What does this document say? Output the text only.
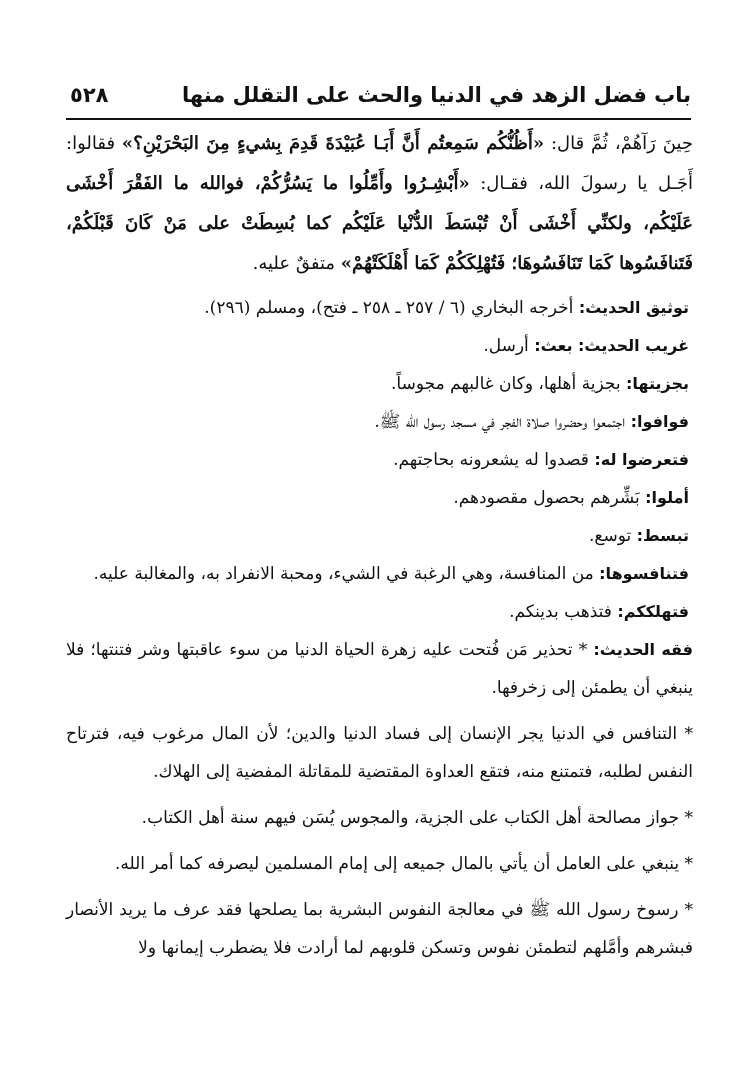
باب فضل الزهد في الدنيا والحث على التقلل منها
٥٢٨

حِينَ رَآهُمْ، ثُمَّ قال: «أَظُنُّكُم سَمِعتُم أَنَّ أَبَـا عُبَيْدَةَ قَدِمَ بِشيءٍ مِنَ البَحْرَيْنِ؟» فقالوا: أَجَـل يا رسولَ الله، فقـال: «أَبْشِـرُوا وأَمِّلُوا ما يَسُرُّكُمْ، فوالله ما الفَقْرَ أَخْشَى عَلَيْكُم، ولكنِّي أَخْشَى أَنْ تُبْسَطَ الدُّنْيا عَلَيْكُم كما بُسِطَتْ على مَنْ كَانَ قَبْلَكُمْ، فَتَنافَسُوها كَمَا تَنَافَسُوهَا؛ فَتُهْلِكَكُمْ كَمَا أَهْلَكَتْهُمْ» متفقٌ عليه.

توثيق الحديث: أخرجه البخاري (٦ / ٢٥٧ ـ ٢٥٨ ـ فتح)، ومسلم (٢٩٦).

غريب الحديث: بعث: أرسل.

بجزيتها: بجزية أهلها، وكان غالبهم مجوساً.

فوافوا: اجتمعوا وحضروا صلاة الفجر في مسجد رسول الله ﷺ.

فتعرضوا له: قصدوا له يشعرونه بحاجتهم.

أملوا: بَشِّرهم بحصول مقصودهم.

تبسط: توسع.

فتنافسوها: من المنافسة، وهي الرغبة في الشيء، ومحبة الانفراد به، والمغالبة عليه.

فتهلككم: فتذهب بدينكم.

فقه الحديث: * تحذير مَن فُتحت عليه زهرة الحياة الدنيا من سوء عاقبتها وشر فتنتها؛ فلا ينبغي أن يطمئن إلى زخرفها.

* التنافس في الدنيا يجر الإنسان إلى فساد الدنيا والدين؛ لأن المال مرغوب فيه، فترتاح النفس لطلبه، فتمتنع منه، فتقع العداوة المقتضية للمقاتلة المفضية إلى الهلاك.

* جواز مصالحة أهل الكتاب على الجزية، والمجوس يُسَن فيهم سنة أهل الكتاب.

* ينبغي على العامل أن يأتي بالمال جميعه إلى إمام المسلمين ليصرفه كما أمر الله.

* رسوخ رسول الله ﷺ في معالجة النفوس البشرية بما يصلحها فقد عرف ما يريد الأنصار فبشرهم وأمَّلهم لتطمئن نفوس وتسكن قلوبهم لما أرادت فلا يضطرب إيمانها ولا
